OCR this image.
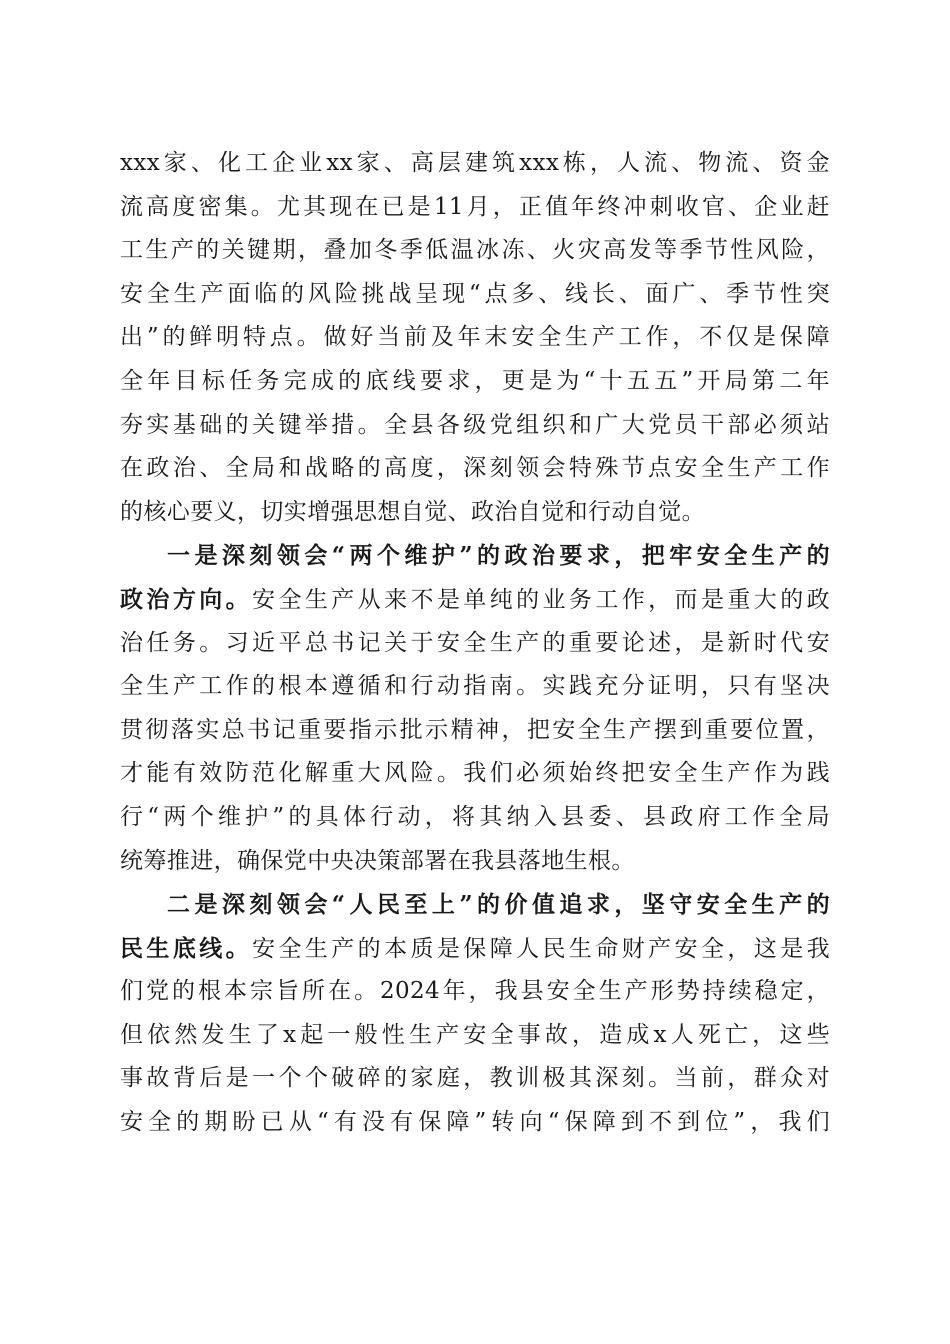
xxx家、化工企业xx家、高层建筑xxx栋，人流、物流、资金
流高度密集。尤其现在已是11月，正值年终冲刺收官、企业赶
工生产的关键期，叠加冬季低温冰冻、火灾高发等季节性风险，
安全生产面临的风险挑战呈现“点多、线长、面广、季节性突
出”的鲜明特点。做好当前及年末安全生产工作，不仅是保障
全年目标任务完成的底线要求，更是为“十五五”开局第二年
夯实基础的关键举措。全县各级党组织和广大党员干部必须站
在政治、全局和战略的高度，深刻领会特殊节点安全生产工作
的核心要义，切实增强思想自觉、政治自觉和行动自觉。
一是深刻领会“两个维护”的政治要求，把牢安全生产的
政治方向。安全生产从来不是单纯的业务工作，而是重大的政
治任务。习近平总书记关于安全生产的重要论述，是新时代安
全生产工作的根本遵循和行动指南。实践充分证明，只有坚决
贯彻落实总书记重要指示批示精神，把安全生产摆到重要位置，
才能有效防范化解重大风险。我们必须始终把安全生产作为践
行“两个维护”的具体行动，将其纳入县委、县政府工作全局
统筹推进，确保党中央决策部署在我县落地生根。
二是深刻领会“人民至上”的价值追求，坚守安全生产的
民生底线。安全生产的本质是保障人民生命财产安全，这是我
们党的根本宗旨所在。2024年，我县安全生产形势持续稳定，
但依然发生了x起一般性生产安全事故，造成x人死亡，这些
事故背后是一个个破碎的家庭，教训极其深刻。当前，群众对
安全的期盼已从“有没有保障”转向“保障到不到位”，我们
